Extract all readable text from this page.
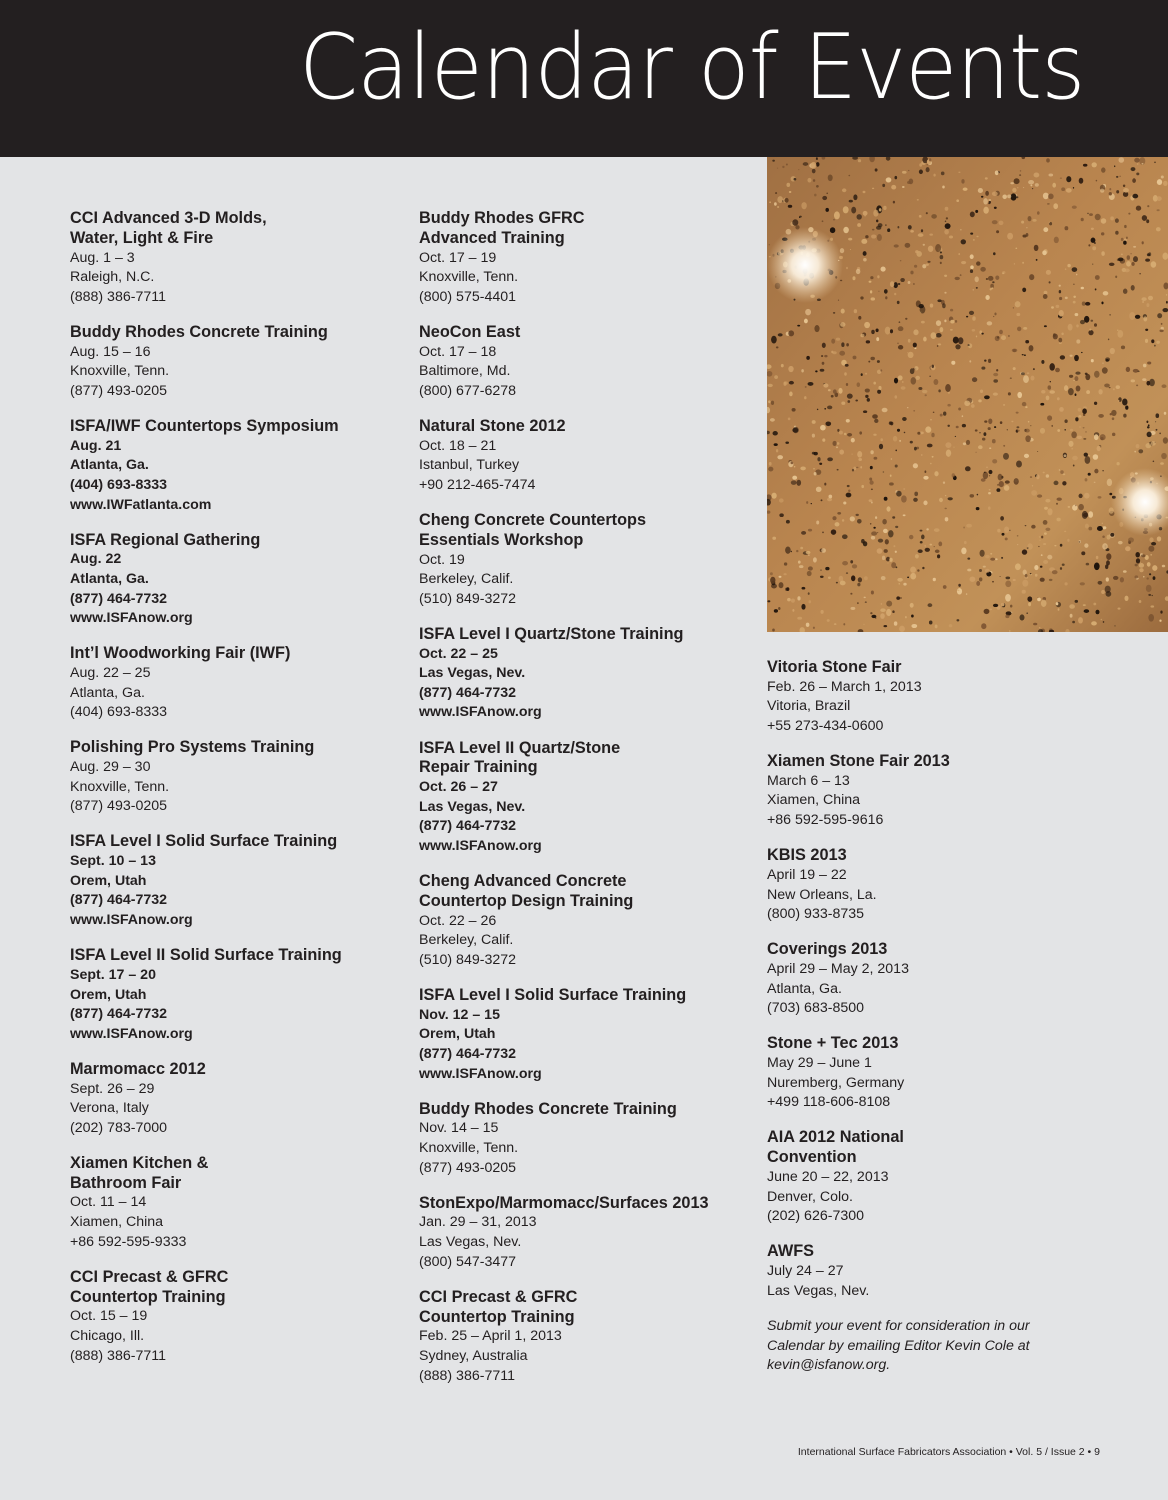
Calendar of Events
CCI Advanced 3-D Molds,
Water, Light & Fire
Aug. 1 – 3
Raleigh, N.C.
(888) 386-7711
Buddy Rhodes Concrete Training
Aug. 15 – 16
Knoxville, Tenn.
(877) 493-0205
ISFA/IWF Countertops Symposium
Aug. 21
Atlanta, Ga.
(404) 693-8333
www.IWFatlanta.com
ISFA Regional Gathering
Aug. 22
Atlanta, Ga.
(877) 464-7732
www.ISFAnow.org
Int’l Woodworking Fair (IWF)
Aug. 22 – 25
Atlanta, Ga.
(404) 693-8333
Polishing Pro Systems Training
Aug. 29 – 30
Knoxville, Tenn.
(877) 493-0205
ISFA Level I Solid Surface Training
Sept. 10 – 13
Orem, Utah
(877) 464-7732
www.ISFAnow.org
ISFA Level II Solid Surface Training
Sept. 17 – 20
Orem, Utah
(877) 464-7732
www.ISFAnow.org
Marmomacc 2012
Sept. 26 – 29
Verona, Italy
(202) 783-7000
Xiamen Kitchen &
Bathroom Fair
Oct. 11 – 14
Xiamen, China
+86 592-595-9333
CCI Precast & GFRC
Countertop Training
Oct. 15 – 19
Chicago, Ill.
(888) 386-7711
Buddy Rhodes GFRC
Advanced Training
Oct. 17 – 19
Knoxville, Tenn.
(800) 575-4401
NeoCon East
Oct. 17 – 18
Baltimore, Md.
(800) 677-6278
Natural Stone 2012
Oct. 18 – 21
Istanbul, Turkey
+90 212-465-7474
Cheng Concrete Countertops
Essentials Workshop
Oct. 19
Berkeley, Calif.
(510) 849-3272
ISFA Level I Quartz/Stone Training
Oct. 22 – 25
Las Vegas, Nev.
(877) 464-7732
www.ISFAnow.org
ISFA Level II Quartz/Stone
Repair Training
Oct. 26 – 27
Las Vegas, Nev.
(877) 464-7732
www.ISFAnow.org
Cheng Advanced Concrete
Countertop Design Training
Oct. 22 – 26
Berkeley, Calif.
(510) 849-3272
ISFA Level I Solid Surface Training
Nov. 12 – 15
Orem, Utah
(877) 464-7732
www.ISFAnow.org
Buddy Rhodes Concrete Training
Nov. 14 – 15
Knoxville, Tenn.
(877) 493-0205
StonExpo/Marmomacc/Surfaces 2013
Jan. 29 – 31, 2013
Las Vegas, Nev.
(800) 547-3477
CCI Precast & GFRC
Countertop Training
Feb. 25 – April 1, 2013
Sydney, Australia
(888) 386-7711
Vitoria Stone Fair
Feb. 26 – March 1, 2013
Vitoria, Brazil
+55 273-434-0600
Xiamen Stone Fair 2013
March 6 – 13
Xiamen, China
+86 592-595-9616
KBIS 2013
April 19 – 22
New Orleans, La.
(800) 933-8735
Coverings 2013
April 29 – May 2, 2013
Atlanta, Ga.
(703) 683-8500
Stone + Tec 2013
May 29 – June 1
Nuremberg, Germany
+499 118-606-8108
AIA 2012 National
Convention
June 20 – 22, 2013
Denver, Colo.
(202) 626-7300
AWFS
July 24 – 27
Las Vegas, Nev.
Submit your event for consideration in our Calendar by emailing Editor Kevin Cole at kevin@isfanow.org.
International Surface Fabricators Association • Vol. 5 / Issue 2 • 9
